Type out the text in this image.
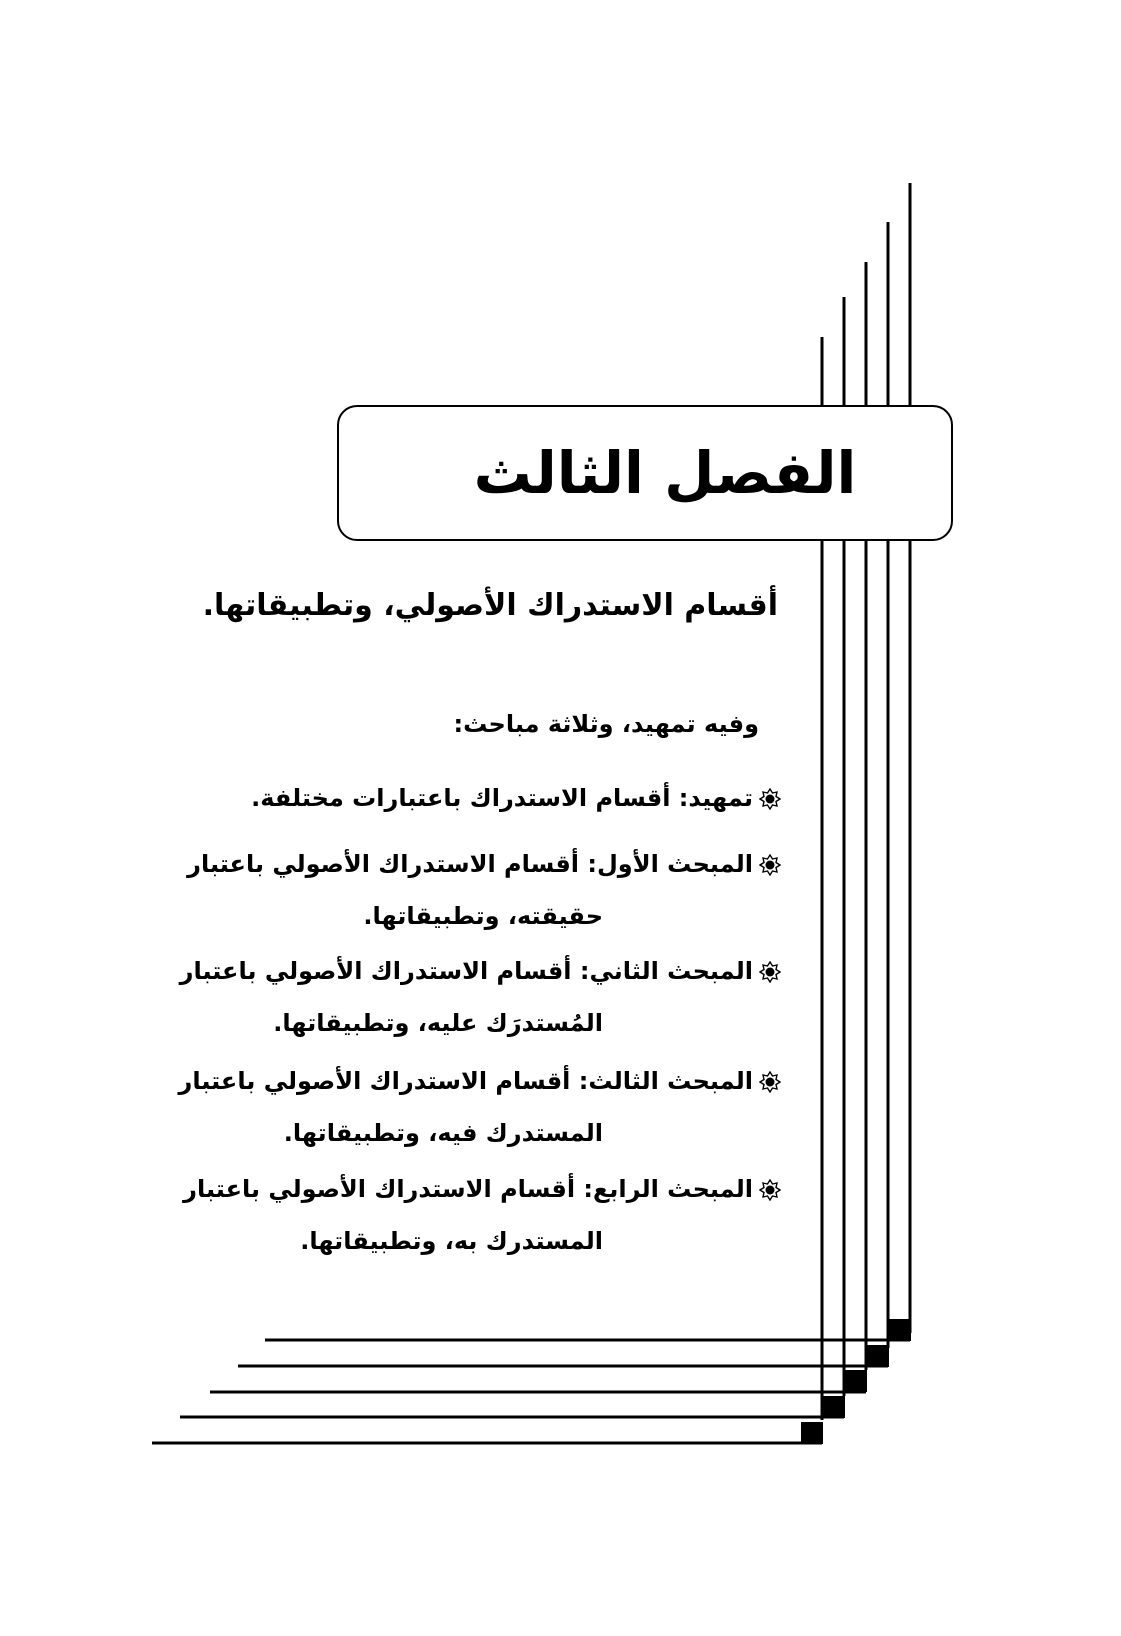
الفصل الثالث
أقسام الاستدراك الأصولي، وتطبيقاتها.
وفيه تمهيد، وثلاثة مباحث:
تمهيد: أقسام الاستدراك باعتبارات مختلفة.
المبحث الأول: أقسام الاستدراك الأصولي باعتبار
حقيقته، وتطبيقاتها.
المبحث الثاني: أقسام الاستدراك الأصولي باعتبار
المُستدرَك عليه، وتطبيقاتها.
المبحث الثالث: أقسام الاستدراك الأصولي باعتبار
المستدرك فيه، وتطبيقاتها.
المبحث الرابع: أقسام الاستدراك الأصولي باعتبار
المستدرك به، وتطبيقاتها.
